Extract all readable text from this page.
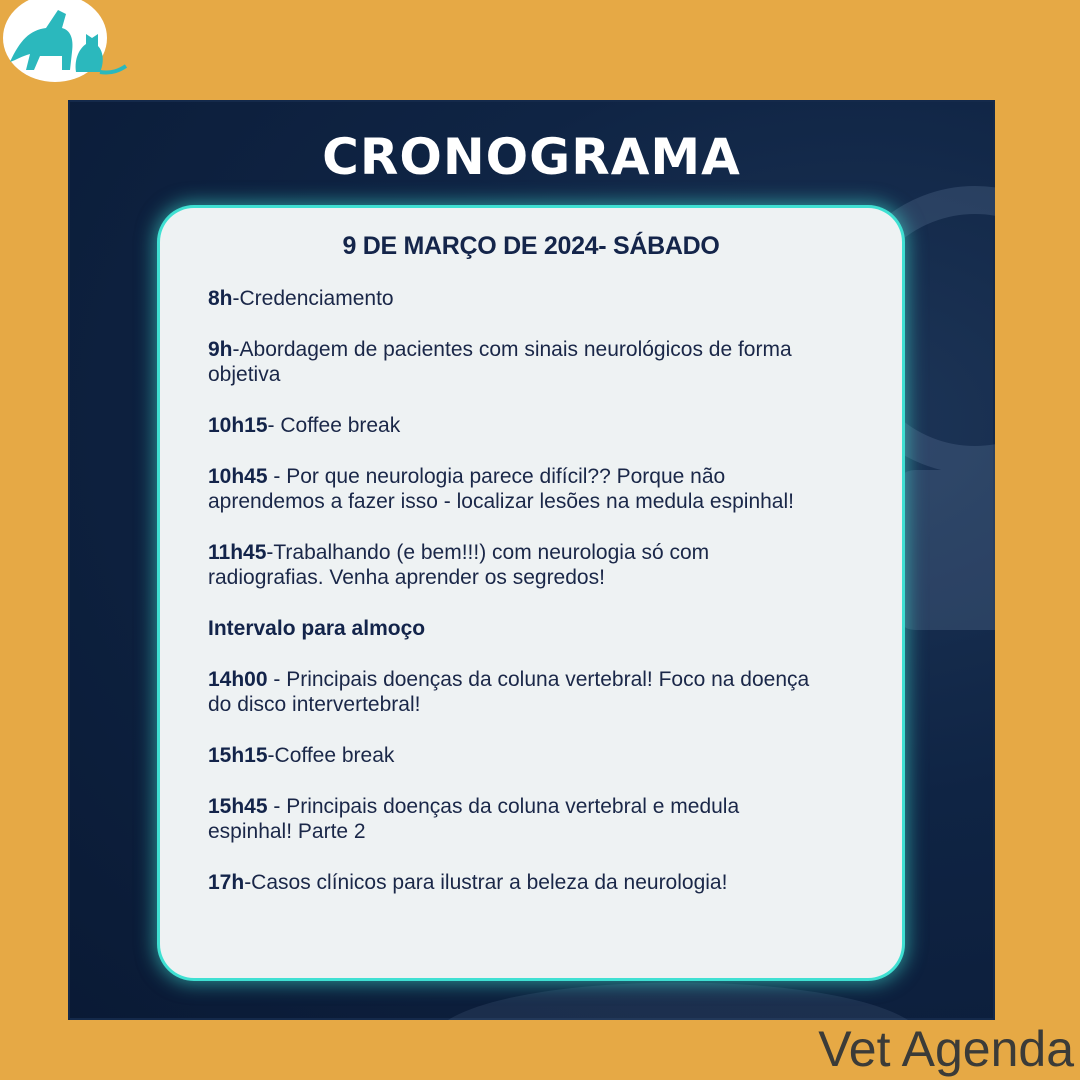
CRONOGRAMA
9 DE MARÇO DE 2024- SÁBADO
8h-Credenciamento
9h-Abordagem de pacientes com sinais neurológicos de forma objetiva
10h15- Coffee break
10h45 - Por que neurologia parece difícil?? Porque não aprendemos a fazer isso - localizar lesões na medula espinhal!
11h45-Trabalhando (e bem!!!) com neurologia só com radiografias. Venha aprender os segredos!
Intervalo para almoço
14h00 - Principais doenças da coluna vertebral! Foco na doença do disco intervertebral!
15h15-Coffee break
15h45 - Principais doenças da coluna vertebral e medula espinhal! Parte 2
17h-Casos clínicos para ilustrar a beleza da neurologia!
Vet Agenda
